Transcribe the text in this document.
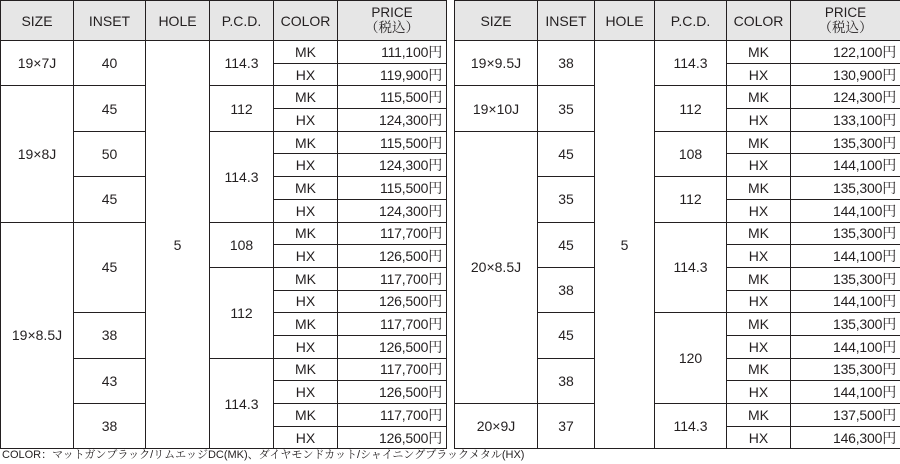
SIZE	INSET	HOLE	P.C.D.	COLOR	PRICE
（税込）
19×7J	40	5	114.3	MK	111,100円
				HX	119,900円
19×8J	45		112	MK	115,500円
				HX	124,300円
	50		114.3	MK	115,500円
				HX	124,300円
	45			MK	115,500円
				HX	124,300円
19×8.5J	45		108	MK	117,700円
				HX	126,500円
			112	MK	117,700円
				HX	126,500円
	38			MK	117,700円
				HX	126,500円
	43		114.3	MK	117,700円
				HX	126,500円
	38			MK	117,700円
				HX	126,500円
SIZE	INSET	HOLE	P.C.D.	COLOR	PRICE
（税込）
19×9.5J	38	5	114.3	MK	122,100円
				HX	130,900円
19×10J	35		112	MK	124,300円
				HX	133,100円
20×8.5J	45		108	MK	135,300円
				HX	144,100円
	35		112	MK	135,300円
				HX	144,100円
	45		114.3	MK	135,300円
				HX	144,100円
	38			MK	135,300円
				HX	144,100円
	45		120	MK	135,300円
				HX	144,100円
	38			MK	135,300円
				HX	144,100円
20×9J	37		114.3	MK	137,500円
				HX	146,300円
COLOR：マットガンブラック/リムエッジDC(MK)、ダイヤモンドカット/シャイニングブラックメタル(HX)
